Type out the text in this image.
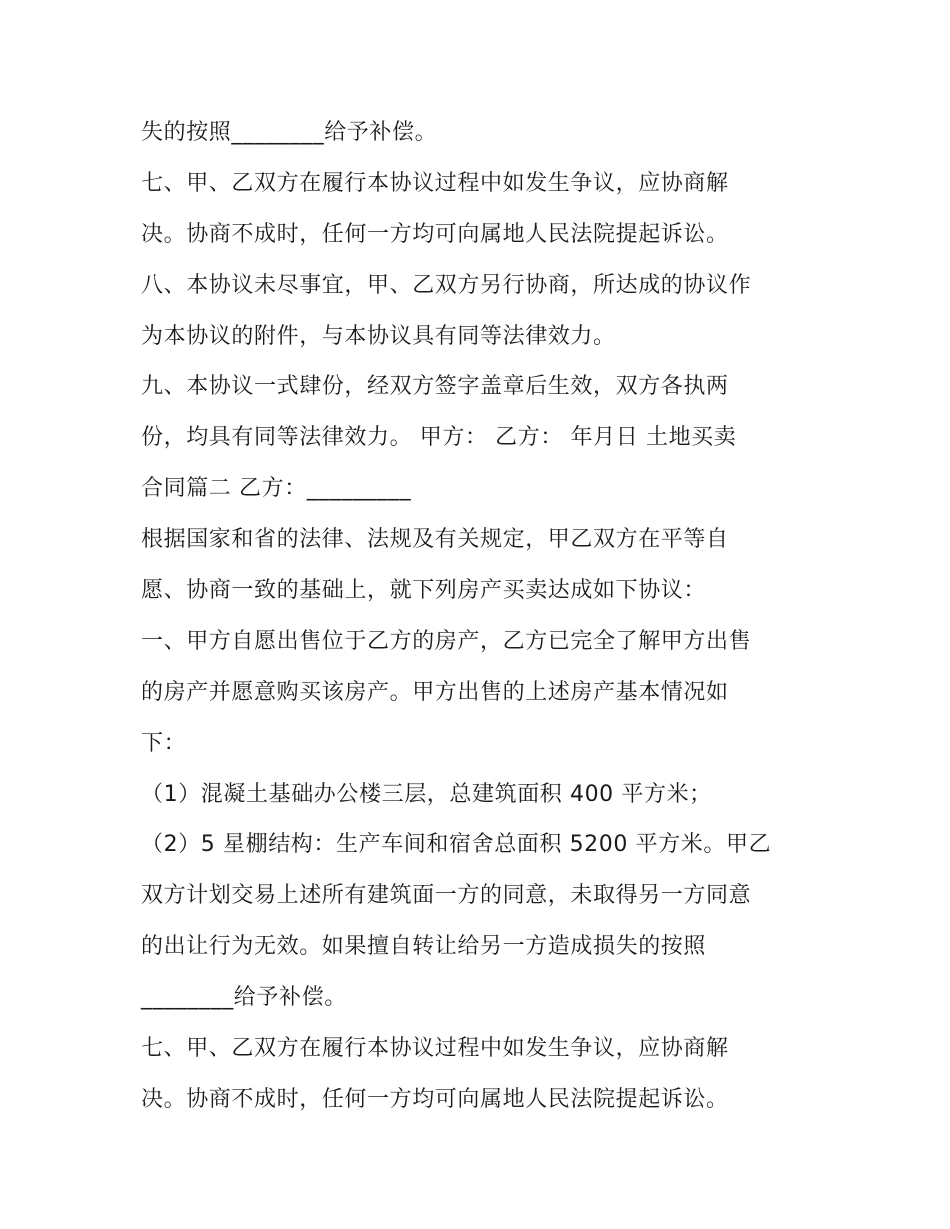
失的按照________给予补偿。
七、甲、乙双方在履行本协议过程中如发生争议，应协商解
决。协商不成时，任何一方均可向属地人民法院提起诉讼。
八、本协议未尽事宜，甲、乙双方另行协商，所达成的协议作
为本协议的附件，与本协议具有同等法律效力。
九、本协议一式肆份，经双方签字盖章后生效，双方各执两
份，均具有同等法律效力。 甲方： 乙方： 年月日 土地买卖
合同篇二 乙方：_________
根据国家和省的法律、法规及有关规定，甲乙双方在平等自
愿、协商一致的基础上，就下列房产买卖达成如下协议：
一、甲方自愿出售位于乙方的房产，乙方已完全了解甲方出售
的房产并愿意购买该房产。甲方出售的上述房产基本情况如
下：
（1）混凝土基础办公楼三层，总建筑面积 400 平方米；
（2）5 星棚结构：生产车间和宿舍总面积 5200 平方米。甲乙
双方计划交易上述所有建筑面一方的同意，未取得另一方同意
的出让行为无效。如果擅自转让给另一方造成损失的按照
________给予补偿。
七、甲、乙双方在履行本协议过程中如发生争议，应协商解
决。协商不成时，任何一方均可向属地人民法院提起诉讼。
